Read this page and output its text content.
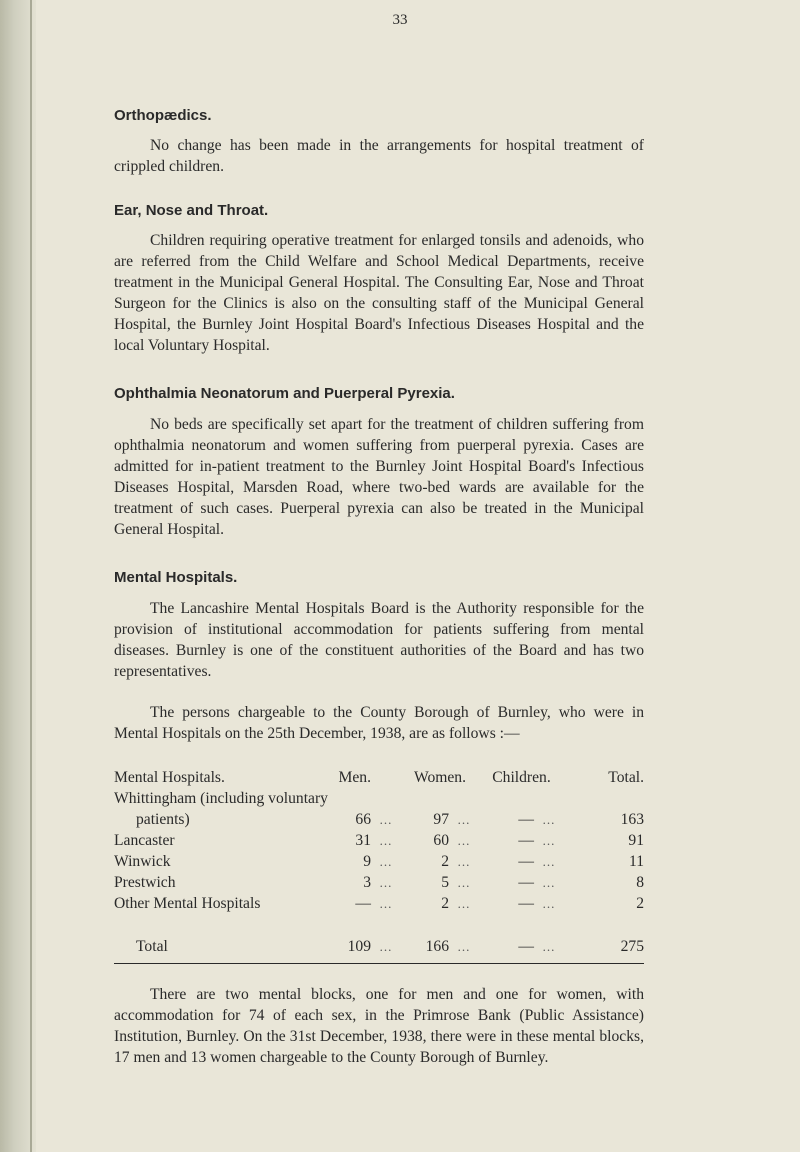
33
Orthopædics.

No change has been made in the arrangements for hospital treatment of crippled children.

Ear, Nose and Throat.

Children requiring operative treatment for enlarged tonsils and adenoids, who are referred from the Child Welfare and School Medical Departments, receive treatment in the Municipal General Hospital. The Consulting Ear, Nose and Throat Surgeon for the Clinics is also on the consulting staff of the Municipal General Hospital, the Burnley Joint Hospital Board's Infectious Diseases Hospital and the local Voluntary Hospital.

Ophthalmia Neonatorum and Puerperal Pyrexia.

No beds are specifically set apart for the treatment of children suffering from ophthalmia neonatorum and women suffering from puerperal pyrexia. Cases are admitted for in-patient treatment to the Burnley Joint Hospital Board's Infectious Diseases Hospital, Marsden Road, where two-bed wards are available for the treatment of such cases. Puerperal pyrexia can also be treated in the Municipal General Hospital.

Mental Hospitals.

The Lancashire Mental Hospitals Board is the Authority responsible for the provision of institutional accommodation for patients suffering from mental diseases. Burnley is one of the constituent authorities of the Board and has two representatives.

The persons chargeable to the County Borough of Burnley, who were in Mental Hospitals on the 25th December, 1938, are as follows :—

Mental Hospitals.	Men.		Women.		Children.		Total.
Whittingham (including voluntary							
patients)	66	...	97	...	—	...	163
Lancaster	31	...	60	...	—	...	91
Winwick	9	...	2	...	—	...	11
Prestwich	3	...	5	...	—	...	8
Other Mental Hospitals	—	...	2	...	—	...	2
Total	109	...	166	...	—	...	275

There are two mental blocks, one for men and one for women, with accommodation for 74 of each sex, in the Primrose Bank (Public Assistance) Institution, Burnley. On the 31st December, 1938, there were in these mental blocks, 17 men and 13 women chargeable to the County Borough of Burnley.
